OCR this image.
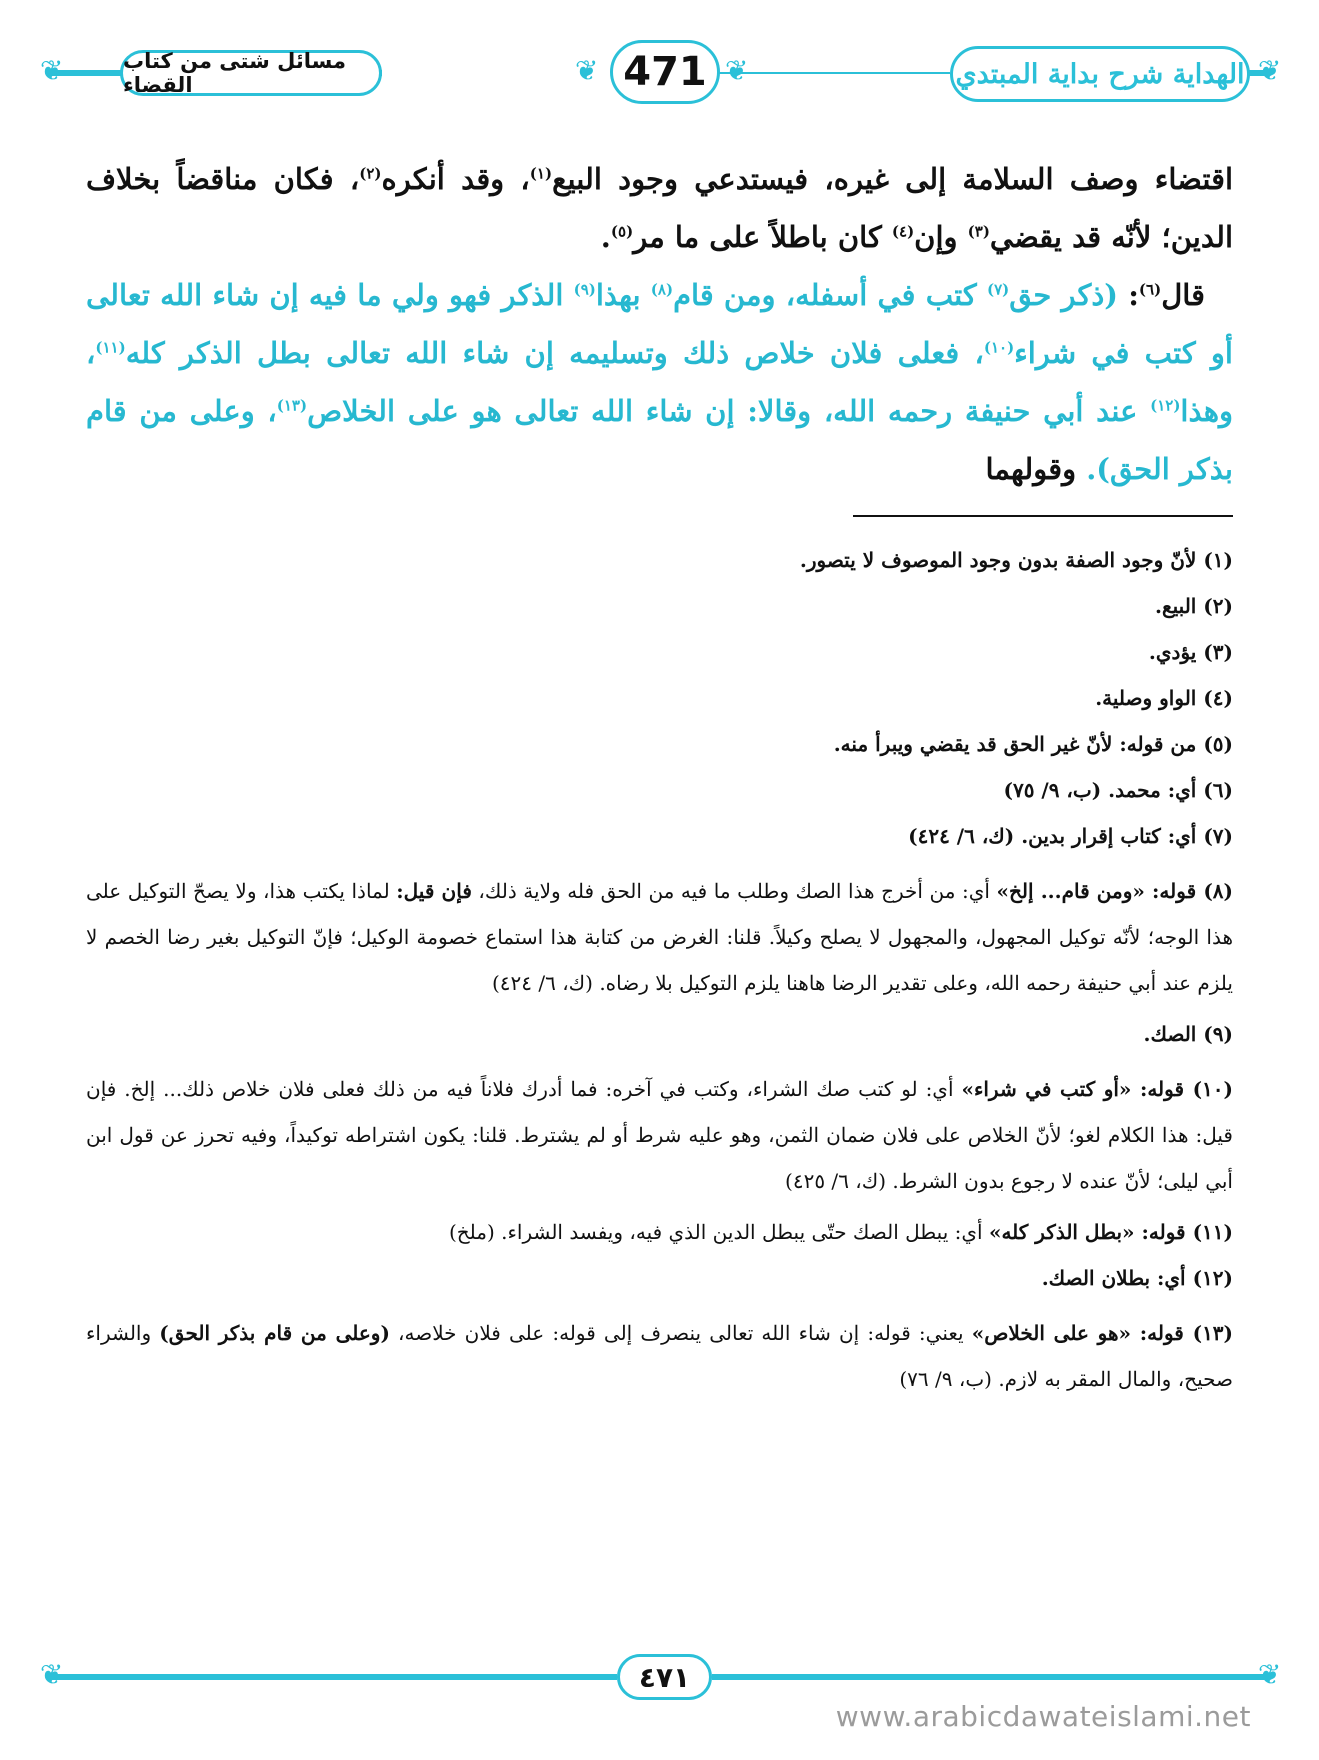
❦	❦
❦	❦
مسائل شتى من كتاب القضاء	471	الهداية شرح بداية المبتدي

اقتضاء وصف السلامة إلى غيره، فيستدعي وجود البيع$^{(١)}$، وقد أنكره$^{(٢)}$، فكان مناقضاً بخلاف الدين؛ لأنّه قد يقضي$^{(٣)}$ وإن$^{(٤)}$ كان باطلاً على ما مر$^{(٥)}$.

قال$^{(٦)}$: (ذكر حق$^{(٧)}$ كتب في أسفله، ومن قام$^{(٨)}$ بهذا$^{(٩)}$ الذكر فهو ولي ما فيه إن شاء الله تعالى أو كتب في شراء$^{(١٠)}$، فعلى فلان خلاص ذلك وتسليمه إن شاء الله تعالى بطل الذكر كله$^{(١١)}$، وهذا$^{(١٢)}$ عند أبي حنيفة رحمه الله، وقالا: إن شاء الله تعالى هو على الخلاص$^{(١٣)}$، وعلى من قام بذكر الحق). وقولهما

(١) لأنّ وجود الصفة بدون وجود الموصوف لا يتصور.

(٢) البيع.

(٣) يؤدي.

(٤) الواو وصلية.

(٥) من قوله: لأنّ غير الحق قد يقضي ويبرأ منه.

(٦) أي: محمد. (ب، ٩/ ٧٥)

(٧) أي: كتاب إقرار بدين. (ك، ٦/ ٤٢٤)

(٨) قوله: «ومن قام... إلخ» أي: من أخرج هذا الصك وطلب ما فيه من الحق فله ولاية ذلك، فإن قيل: لماذا يكتب هذا، ولا يصحّ التوكيل على هذا الوجه؛ لأنّه توكيل المجهول، والمجهول لا يصلح وكيلاً. قلنا: الغرض من كتابة هذا استماع خصومة الوكيل؛ فإنّ التوكيل بغير رضا الخصم لا يلزم عند أبي حنيفة رحمه الله، وعلى تقدير الرضا هاهنا يلزم التوكيل بلا رضاه. (ك، ٦/ ٤٢٤)

(٩) الصك.

(١٠) قوله: «أو كتب في شراء» أي: لو كتب صك الشراء، وكتب في آخره: فما أدرك فلاناً فيه من ذلك فعلى فلان خلاص ذلك... إلخ. فإن قيل: هذا الكلام لغو؛ لأنّ الخلاص على فلان ضمان الثمن، وهو عليه شرط أو لم يشترط. قلنا: يكون اشتراطه توكيداً، وفيه تحرز عن قول ابن أبي ليلى؛ لأنّ عنده لا رجوع بدون الشرط. (ك، ٦/ ٤٢٥)

(١١) قوله: «بطل الذكر كله» أي: يبطل الصك حتّى يبطل الدين الذي فيه، ويفسد الشراء. (ملخ)

(١٢) أي: بطلان الصك.

(١٣) قوله: «هو على الخلاص» يعني: قوله: إن شاء الله تعالى ينصرف إلى قوله: على فلان خلاصه، (وعلى من قام بذكر الحق) والشراء صحيح، والمال المقر به لازم. (ب، ٩/ ٧٦)

❦	❦
٤٧١
www.arabicdawateislami.net
